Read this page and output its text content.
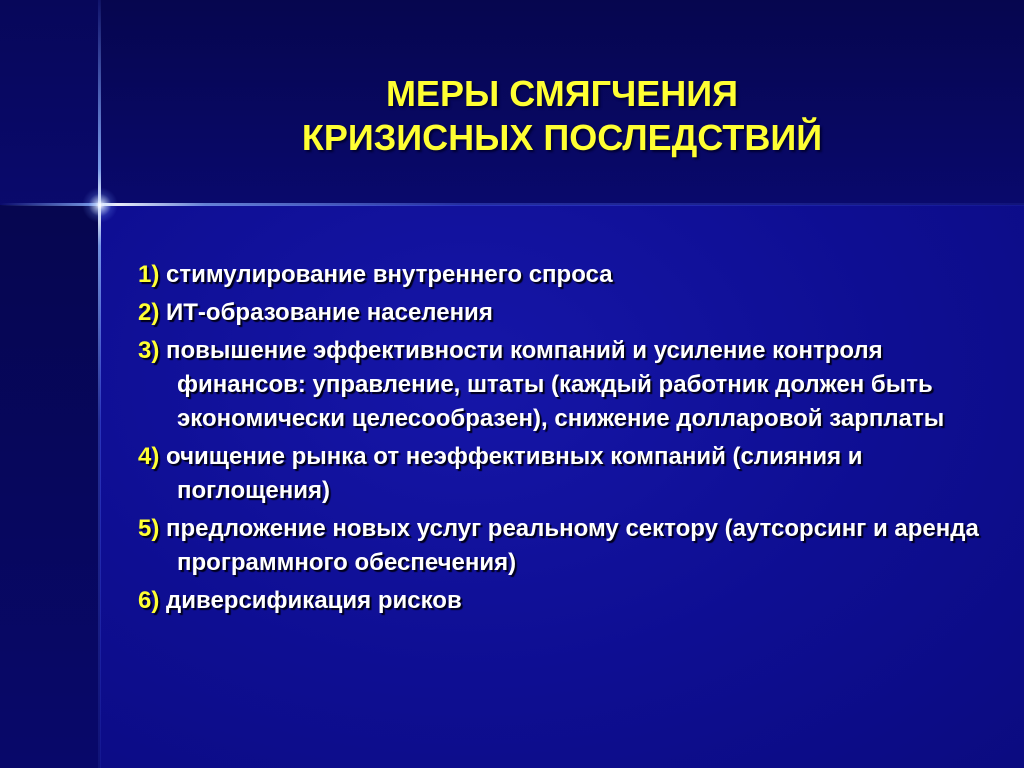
МЕРЫ СМЯГЧЕНИЯ
КРИЗИСНЫХ ПОСЛЕДСТВИЙ
1) стимулирование внутреннего спроса
2) ИТ-образование населения
3) повышение эффективности компаний и усиление контроля финансов: управление, штаты (каждый работник должен быть экономически целесообразен), снижение долларовой зарплаты
4) очищение рынка от неэффективных компаний (слияния и поглощения)
5) предложение новых услуг реальному сектору (аутсорсинг и аренда программного обеспечения)
6) диверсификация рисков
